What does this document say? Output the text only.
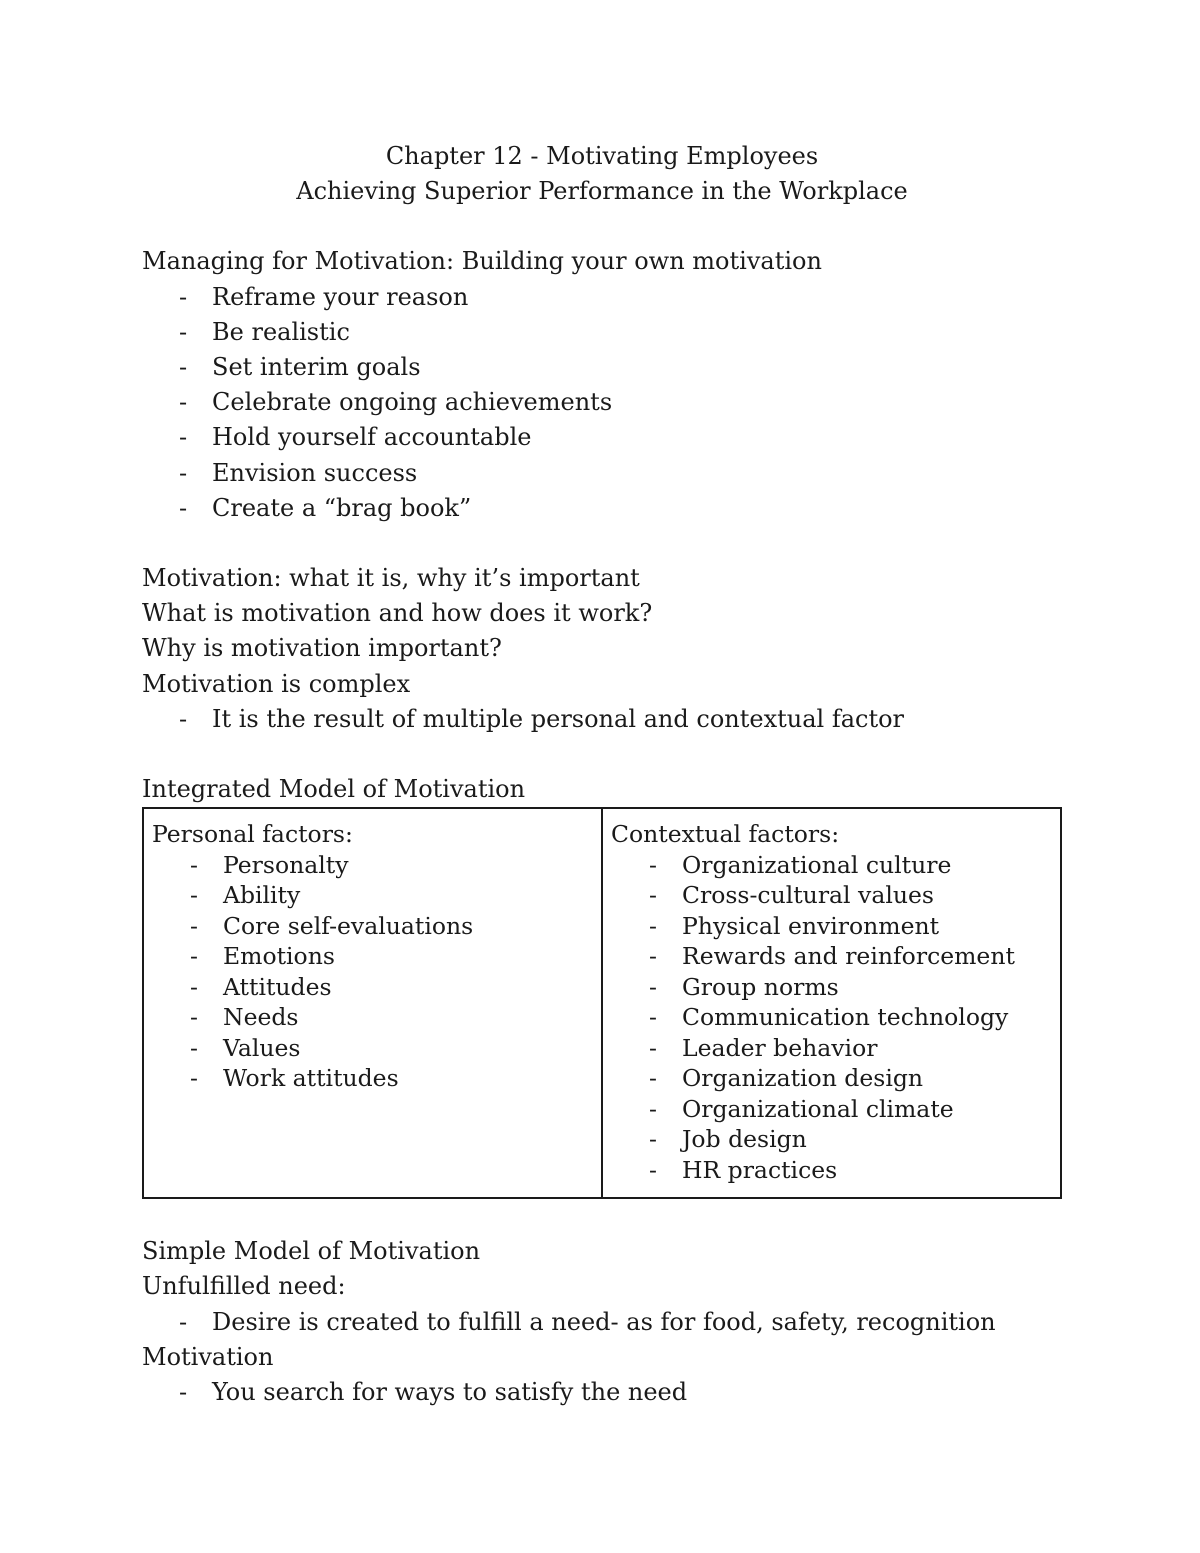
Chapter 12 - Motivating Employees

Achieving Superior Performance in the Workplace

Managing for Motivation: Building your own motivation

- Reframe your reason
- Be realistic
- Set interim goals
- Celebrate ongoing achievements
- Hold yourself accountable
- Envision success
- Create a “brag book”

Motivation: what it is, why it’s important

What is motivation and how does it work?

Why is motivation important?

Motivation is complex

- It is the result of multiple personal and contextual factor

Integrated Model of Motivation

Personal factors:
- Personalty
- Ability
- Core self-evaluations
- Emotions
- Attitudes
- Needs
- Values
- Work attitudes

Contextual factors:
- Organizational culture
- Cross-cultural values
- Physical environment
- Rewards and reinforcement
- Group norms
- Communication technology
- Leader behavior
- Organization design
- Organizational climate
- Job design
- HR practices

Simple Model of Motivation

Unfulfilled need:

- Desire is created to fulfill a need- as for food, safety, recognition

Motivation

- You search for ways to satisfy the need
